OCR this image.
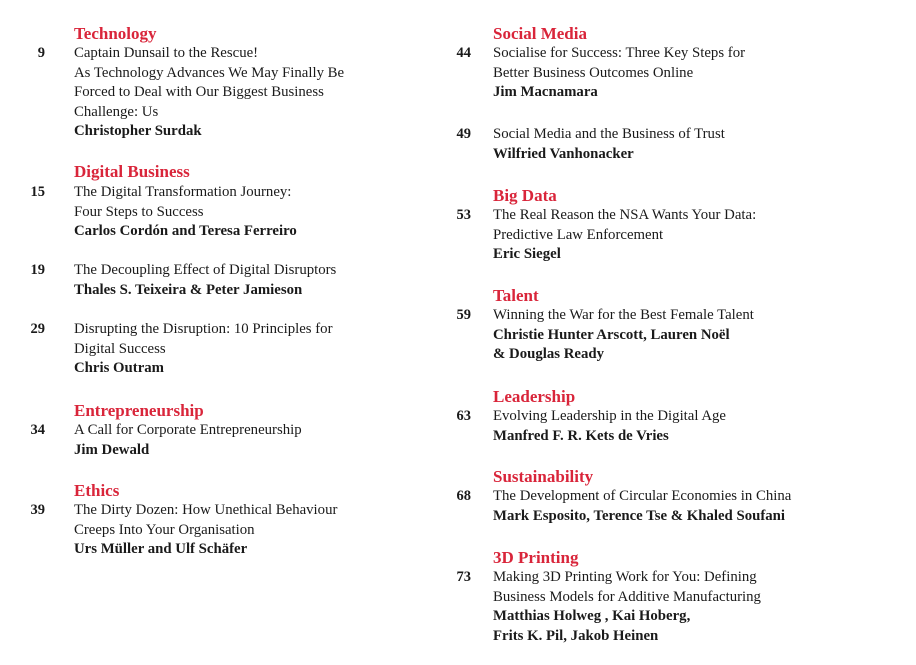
Technology
9 Captain Dunsail to the Rescue!
As Technology Advances We May Finally Be
Forced to Deal with Our Biggest Business
Challenge: Us
Christopher Surdak
Digital Business
15 The Digital Transformation Journey:
Four Steps to Success
Carlos Cordón and Teresa Ferreiro
19 The Decoupling Effect of Digital Disruptors
Thales S. Teixeira & Peter Jamieson
29 Disrupting the Disruption: 10 Principles for
Digital Success
Chris Outram
Entrepreneurship
34 A Call for Corporate Entrepreneurship
Jim Dewald
Ethics
39 The Dirty Dozen: How Unethical Behaviour
Creeps Into Your Organisation
Urs Müller and Ulf Schäfer
Social Media
44 Socialise for Success: Three Key Steps for
Better Business Outcomes Online
Jim Macnamara
49 Social Media and the Business of Trust
Wilfried Vanhonacker
Big Data
53 The Real Reason the NSA Wants Your Data:
Predictive Law Enforcement
Eric Siegel
Talent
59 Winning the War for the Best Female Talent
Christie Hunter Arscott, Lauren Noël
& Douglas Ready
Leadership
63 Evolving Leadership in the Digital Age
Manfred F. R. Kets de Vries
Sustainability
68 The Development of Circular Economies in China
Mark Esposito, Terence Tse & Khaled Soufani
3D Printing
73 Making 3D Printing Work for You: Defining
Business Models for Additive Manufacturing
Matthias Holweg , Kai Hoberg,
Frits K. Pil, Jakob Heinen
